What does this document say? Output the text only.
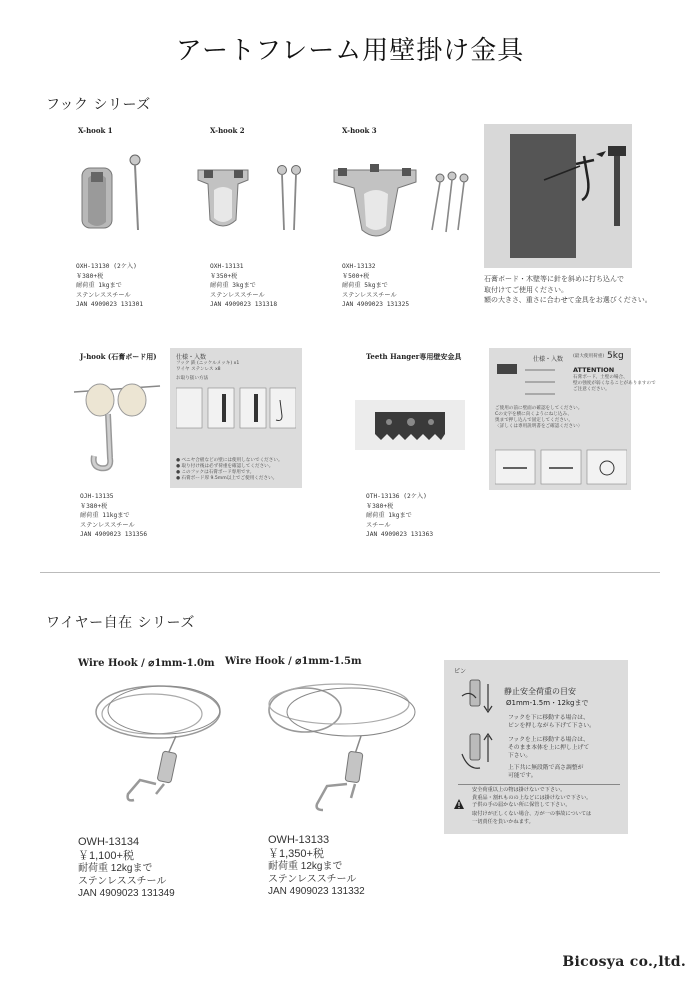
アートフレーム用壁掛け金具
フック シリーズ
X-hook 1
OXH-13130 (2ケ入)
￥380+税
耐荷重 1kgまで
ステンレススチール
JAN 4909023 131301
X-hook 2
OXH-13131
￥350+税
耐荷重 3kgまで
ステンレススチール
JAN 4909023 131318
X-hook 3
OXH-13132
￥500+税
耐荷重 5kgまで
ステンレススチール
JAN 4909023 131325
石膏ボード・木壁等に針を斜めに打ち込んで
取付けてご使用ください。
額の大きさ、重さに合わせて金具をお選びください。
J-hook (石膏ボード用)
OJH-13135
￥380+税
耐荷重 11kgまで
ステンレススチール
JAN 4909023 131356
仕様・入数
フック 鉄 (ニッケルメッキ) x1
ワイヤ ステンレス x8
お取り扱い方法
● ベニヤ合板などの壁には使用しないでください。
● 取り付け後は必ず荷重を確認してください。
● このフックは石膏ボード専用です。
● 石膏ボード厚 9.5mm以上でご使用ください。
Teeth Hanger専用壁安金具
OTH-13136 (2ケ入)
￥380+税
耐荷重 1kgまで
スチール
JAN 4909023 131363
仕様・入数 (最大使用荷重) 5kg
ATTENTION
石膏ボード、土壁の場合、
壁の強度が弱くなることがありますので
ご注意ください。
ご使用の前に壁面の確認をしてください。
Cの文字を横に向くようにねじ込み、
奥まで押し込んで固定してください。
〈詳しくは専用説明書をご確認ください〉
ワイヤー自在 シリーズ
Wire Hook / ⌀1mm-1.0m
OWH-13134
￥1,100+税
耐荷重 12kgまで
ステンレススチール
JAN 4909023 131349
Wire Hook / ⌀1mm-1.5m
OWH-13133
￥1,350+税
耐荷重 12kgまで
ステンレススチール
JAN 4909023 131332
ピン
静止安全荷重の目安
Ø1mm-1.5m・12kgまで
フックを下に移動する場合は、
ピンを押しながら下げて下さい。
フックを上に移動する場合は、
そのまま本体を上に押し上げて
下さい。
上下共に無段階で高さ調整が
可能です。
安全荷重以上の物は掛けないで下さい。
貴重品・割れものの上などには掛けないで下さい。
子供の手の届かない所に保管して下さい。
取付けが正しくない場合、万が一の事故については
一切責任を負いかねます。
Bicosya co.,ltd.
